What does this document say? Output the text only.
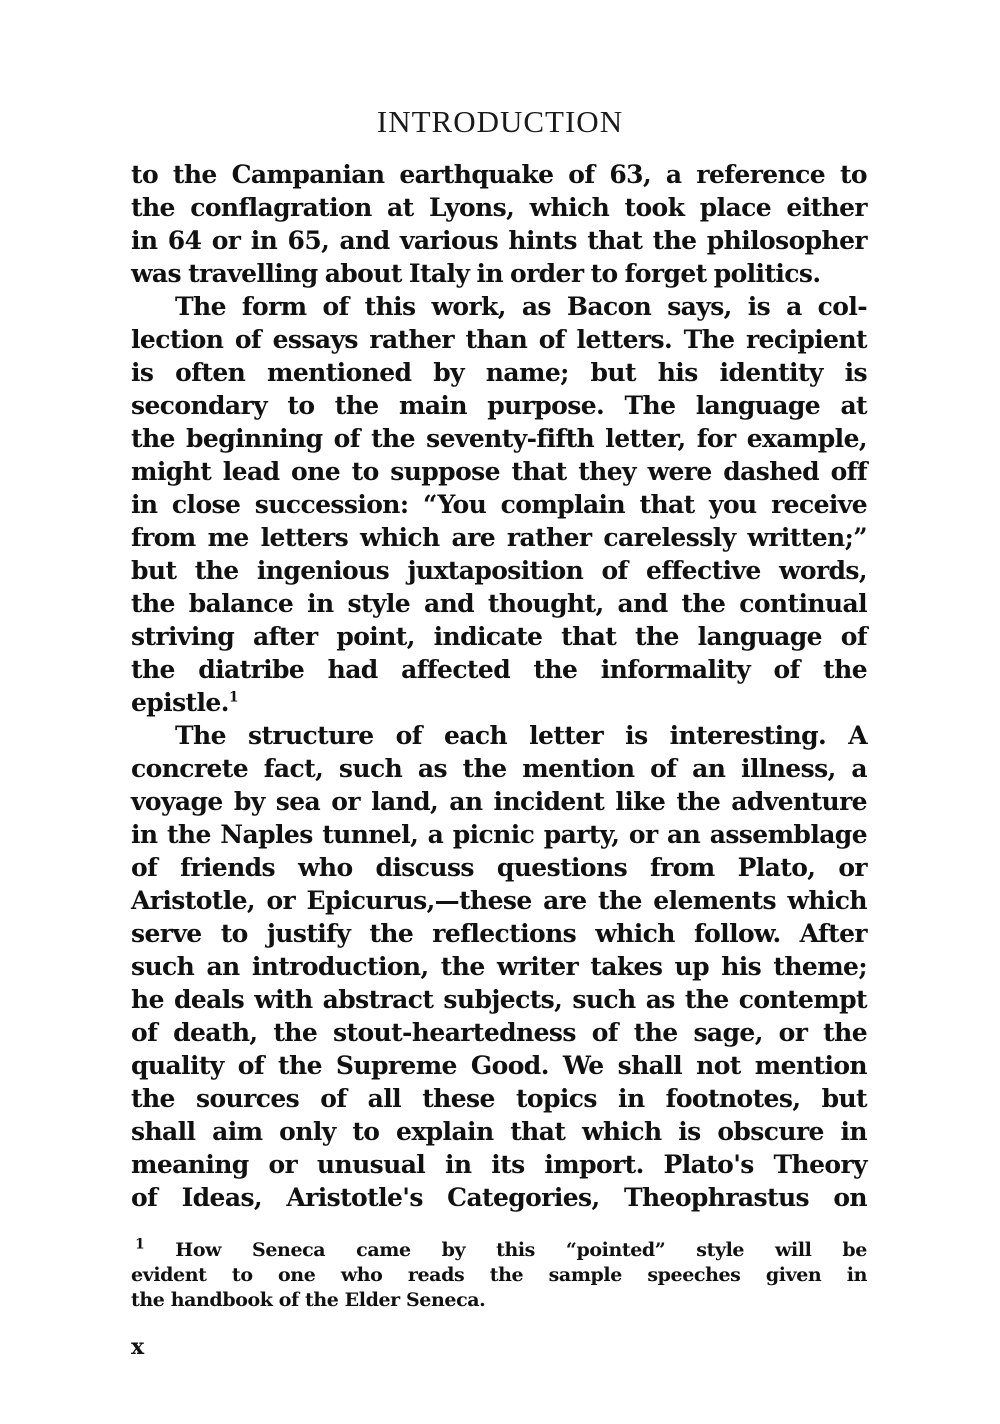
INTRODUCTION
to the Campanian earthquake of 63, a reference to
the conflagration at Lyons, which took place either
in 64 or in 65, and various hints that the philosopher
was travelling about Italy in order to forget politics.
The form of this work, as Bacon says, is a col-
lection of essays rather than of letters. The recipient
is often mentioned by name; but his identity is
secondary to the main purpose. The language at
the beginning of the seventy-fifth letter, for example,
might lead one to suppose that they were dashed off
in close succession: “You complain that you receive
from me letters which are rather carelessly written;”
but the ingenious juxtaposition of effective words,
the balance in style and thought, and the continual
striving after point, indicate that the language of
the diatribe had affected the informality of the
epistle.$^1$
The structure of each letter is interesting. A
concrete fact, such as the mention of an illness, a
voyage by sea or land, an incident like the adventure
in the Naples tunnel, a picnic party, or an assemblage
of friends who discuss questions from Plato, or
Aristotle, or Epicurus,—these are the elements which
serve to justify the reflections which follow. After
such an introduction, the writer takes up his theme;
he deals with abstract subjects, such as the contempt
of death, the stout-heartedness of the sage, or the
quality of the Supreme Good. We shall not mention
the sources of all these topics in footnotes, but
shall aim only to explain that which is obscure in
meaning or unusual in its import. Plato's Theory
of Ideas, Aristotle's Categories, Theophrastus on
$^1$ How Seneca came by this “pointed” style will be
evident to one who reads the sample speeches given in
the handbook of the Elder Seneca.
x
